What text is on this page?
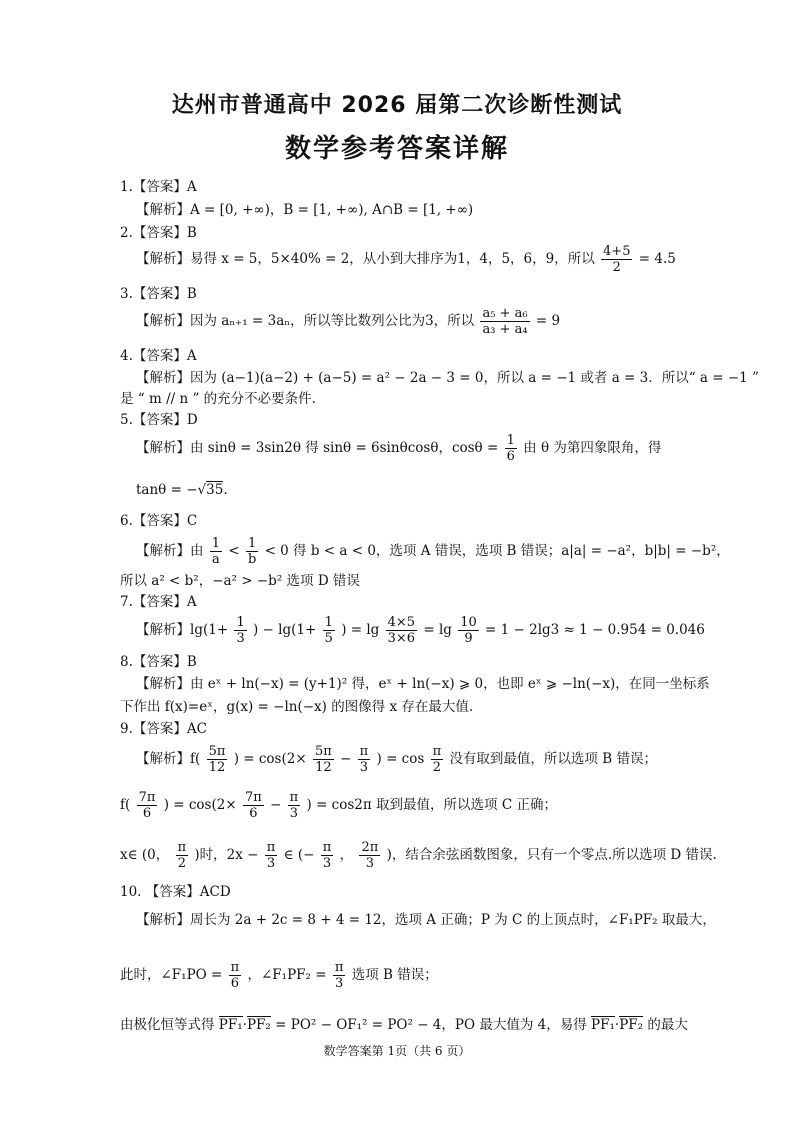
达州市普通高中 2026 届第二次诊断性测试
数学参考答案详解
1.【答案】A
【解析】A = [0, +∞)，B = [1, +∞), A∩B = [1, +∞)
2.【答案】B
【解析】易得 x = 5，5×40% = 2，从小到大排序为1，4，5，6，9，所以 $\frac{4+5}{2} = 4.5$
3.【答案】B
【解析】因为 aₙ₊₁ = 3aₙ，所以等比数列公比为3，所以 $\frac{\text{a₅ + a₆}}{\text{a₃ + a₄}} = 9$
4.【答案】A
【解析】因为 (a−1)(a−2) + (a−5) = a² − 2a − 3 = 0，所以 a = −1 或者 a = 3．所以“ a = −1 ”
是 “ m // n ” 的充分不必要条件.
5.【答案】D
【解析】由 sinθ = 3sin2θ 得 sinθ = 6sinθcosθ，$\cos\theta = \frac{1}{6}$ 由 θ 为第四象限角，得
tanθ = −√35.
6.【答案】C
【解析】由 $\frac{1}{a} < \frac{1}{b} < 0$ 得 b < a < 0，选项 A 错误，选项 B 错误；a|a| = −a²，b|b| = −b²，
所以 a² < b²，−a² > −b² 选项 D 错误
7.【答案】A
【解析】$\lg(1+ \frac{1}{3}$ ) − $\lg(1+ \frac{1}{5}$ ) = $\lg \frac{4\times 5}{3\times 6} = \lg \frac{10}{9} = 1 - 2\lg 3 \approx 1 - 0.954 = 0.046$
8.【答案】B
【解析】由 eˣ + ln(−x) = (y+1)² 得，eˣ + ln(−x) ⩾ 0，也即 eˣ ⩾ −ln(−x)，在同一坐标系
下作出 f(x)=eˣ，g(x) = −ln(−x) 的图像得 x 存在最大值.
9.【答案】AC
【解析】$f( \frac{5\pi}{12}$ ) = $\cos(2\times \frac{5\pi}{12} - \frac{\pi}{3}$ ) = $\cos \frac{\pi}{2}$ 没有取到最值，所以选项 B 错误；
$f( \frac{7\pi}{6}$ ) = $\cos(2\times \frac{7\pi}{6} - \frac{\pi}{3}$ ) = cos2π 取到最值，所以选项 C 正确；
x∈ (0， $\frac{\pi}{2}$ )时，$2x - \frac{\pi}{3}$ ∈ (− $\frac{\pi}{3}$ ， $\frac{2\pi}{3}$ )，结合余弦函数图象，只有一个零点.所以选项 D 错误.
10. 【答案】ACD
【解析】周长为 2a + 2c = 8 + 4 = 12，选项 A 正确；P 为 C 的上顶点时，∠F₁PF₂ 取最大，
此时，∠F₁PO = $\frac{\pi}{6}$ ，∠F₁PF₂ = $\frac{\pi}{3}$ 选项 B 错误；
由极化恒等式得 PF₁·PF₂ = PO² − OF₁² = PO² − 4，PO 最大值为 4，易得 PF₁·PF₂ 的最大
数学答案第 1页（共 6 页）
